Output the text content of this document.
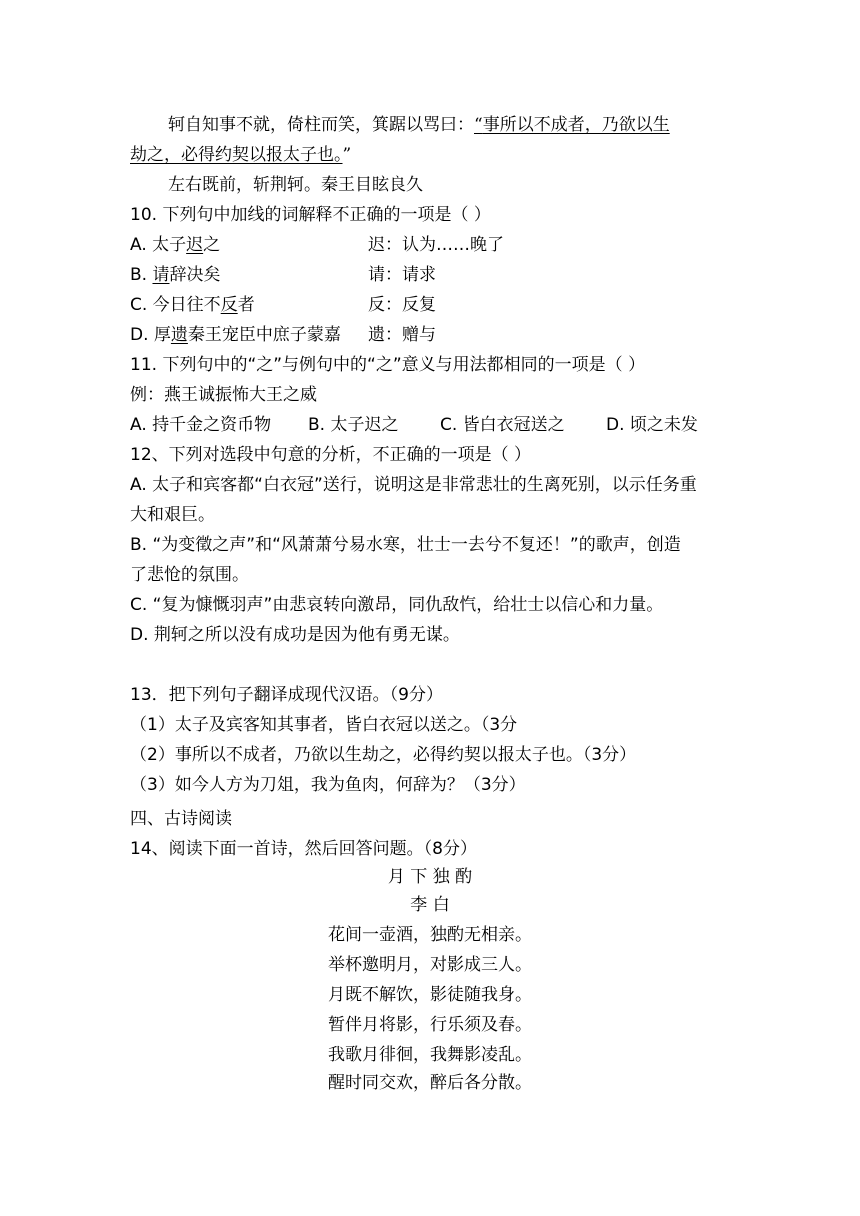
轲自知事不就，倚柱而笑，箕踞以骂曰：“事所以不成者，乃欲以生
劫之，必得约契以报太子也。”
左右既前，斩荆轲。秦王目眩良久
10. 下列句中加线的词解释不正确的一项是（ ）
A. 太子迟之	迟：认为……晚了
B. 请辞决矣	请：请求
C. 今日往不反者	反：反复
D. 厚遗秦王宠臣中庶子蒙嘉 遗：赠与
11. 下列句中的“之”与例句中的“之”意义与用法都相同的一项是（ ）
例：燕王诚振怖大王之威
A. 持千金之资币物 B. 太子迟之 C. 皆白衣冠送之 D. 顷之未发
12、下列对选段中句意的分析，不正确的一项是（ ）
A. 太子和宾客都“白衣冠”送行，说明这是非常悲壮的生离死别，以示任务重
大和艰巨。
B. “为变徵之声”和“风萧萧兮易水寒，壮士一去兮不复还！”的歌声，创造
了悲怆的氛围。
C. “复为慷慨羽声”由悲哀转向激昂，同仇敌忾，给壮士以信心和力量。
D. 荆轲之所以没有成功是因为他有勇无谋。
13．把下列句子翻译成现代汉语。（9分）
（1）太子及宾客知其事者，皆白衣冠以送之。（3分
（2）事所以不成者，乃欲以生劫之，必得约契以报太子也。（3分）
（3）如今人方为刀俎，我为鱼肉，何辞为？（3分）
四、古诗阅读
14、阅读下面一首诗，然后回答问题。（8分）
月 下 独 酌
李 白
花间一壶酒，独酌无相亲。
举杯邀明月，对影成三人。
月既不解饮，影徒随我身。
暂伴月将影，行乐须及春。
我歌月徘徊，我舞影凌乱。
醒时同交欢，醉后各分散。
